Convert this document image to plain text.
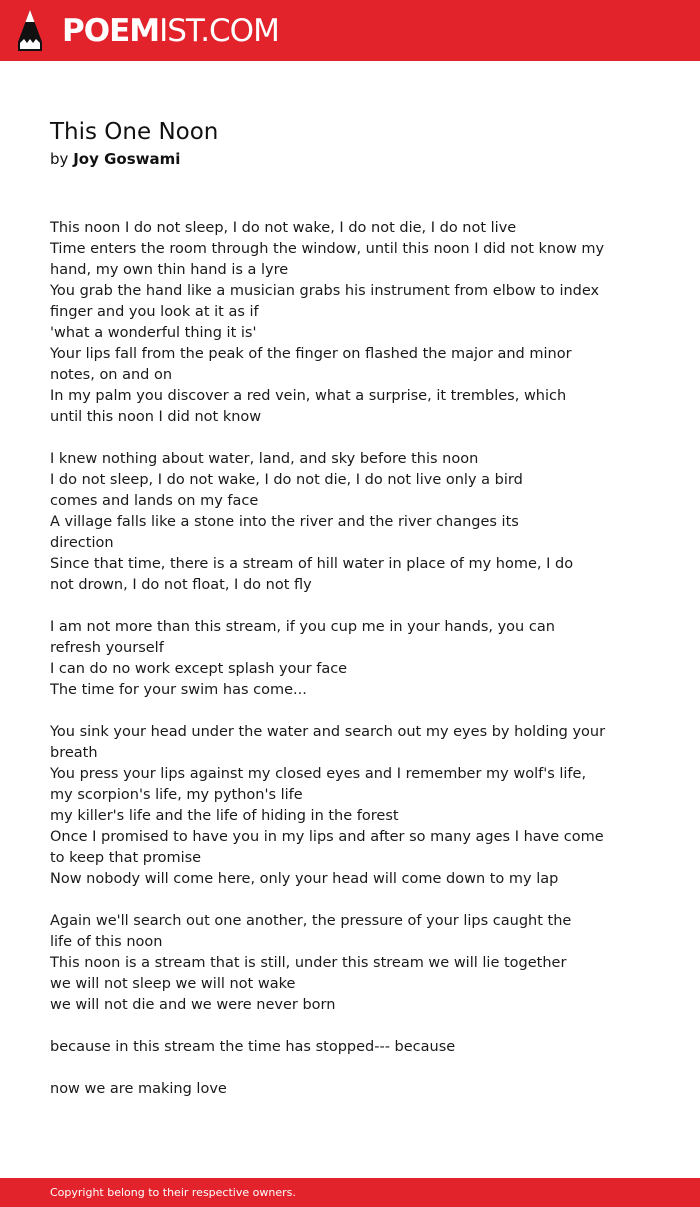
POEMIST.COM
This One Noon
by Joy Goswami
This noon I do not sleep, I do not wake, I do not die, I do not live
Time enters the room through the window, until this noon I did not know my
hand, my own thin hand is a lyre
You grab the hand like a musician grabs his instrument from elbow to index
finger and you look at it as if
'what a wonderful thing it is'
Your lips fall from the peak of the finger on flashed the major and minor
notes, on and on
In my palm you discover a red vein, what a surprise, it trembles, which
until this noon I did not know
I knew nothing about water, land, and sky before this noon
I do not sleep, I do not wake, I do not die, I do not live only a bird
comes and lands on my face
A village falls like a stone into the river and the river changes its
direction
Since that time, there is a stream of hill water in place of my home, I do
not drown, I do not float, I do not fly
I am not more than this stream, if you cup me in your hands, you can
refresh yourself
I can do no work except splash your face
The time for your swim has come...
You sink your head under the water and search out my eyes by holding your
breath
You press your lips against my closed eyes and I remember my wolf's life,
my scorpion's life, my python's life
my killer's life and the life of hiding in the forest
Once I promised to have you in my lips and after so many ages I have come
to keep that promise
Now nobody will come here, only your head will come down to my lap
Again we'll search out one another, the pressure of your lips caught the
life of this noon
This noon is a stream that is still, under this stream we will lie together
we will not sleep we will not wake
we will not die and we were never born
because in this stream the time has stopped--- because
now we are making love
Copyright belong to their respective owners.
